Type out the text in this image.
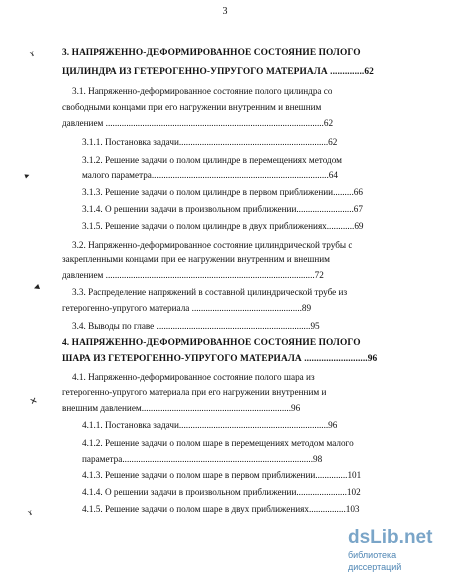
3
3. НАПРЯЖЕННО-ДЕФОРМИРОВАННОЕ СОСТОЯНИЕ ПОЛОГО
ЦИЛИНДРА ИЗ ГЕТЕРОГЕННО-УПРУГОГО МАТЕРИАЛА ..............62
3.1. Напряженно-деформированное состояние полого цилиндра со
свободными концами при его нагружении внутренним и внешним
давлением ...............................................................................................62
3.1.1. Постановка задачи.................................................................62
3.1.2. Решение задачи о полом цилиндре в перемещениях методом
малого параметра.............................................................................64
3.1.3. Решение задачи о полом цилиндре в первом приближении.........66
3.1.4. О решении задачи в произвольном приближении.........................67
3.1.5. Решение задачи о полом цилиндре в двух приближениях............69
3.2. Напряженно-деформированное состояние цилиндрической трубы с
закрепленными концами при ее нагружении внутренним и внешним
давлением ...........................................................................................72
3.3. Распределение напряжений в составной цилиндрической трубе из
гетерогенно-упругого материала ................................................89
3.4. Выводы по главе ...................................................................95
4. НАПРЯЖЕННО-ДЕФОРМИРОВАННОЕ СОСТОЯНИЕ ПОЛОГО
ШАРА ИЗ ГЕТЕРОГЕННО-УПРУГОГО МАТЕРИАЛА ..........................96
4.1. Напряженно-деформированное состояние полого шара из
гетерогенно-упругого материала при его нагружении внутренним и
внешним давлением.................................................................96
4.1.1. Постановка задачи.................................................................96
4.1.2. Решение задачи о полом шаре в перемещениях методом малого
параметра...................................................................................98
4.1.3. Решение задачи о полом шаре в первом приближении..............101
4.1.4. О решении задачи в произвольном приближении......................102
4.1.5. Решение задачи о полом шаре в двух приближениях................103
ɤ
▸
◄
✕
ɤ
dsLib.net
библиотека диссертаций
